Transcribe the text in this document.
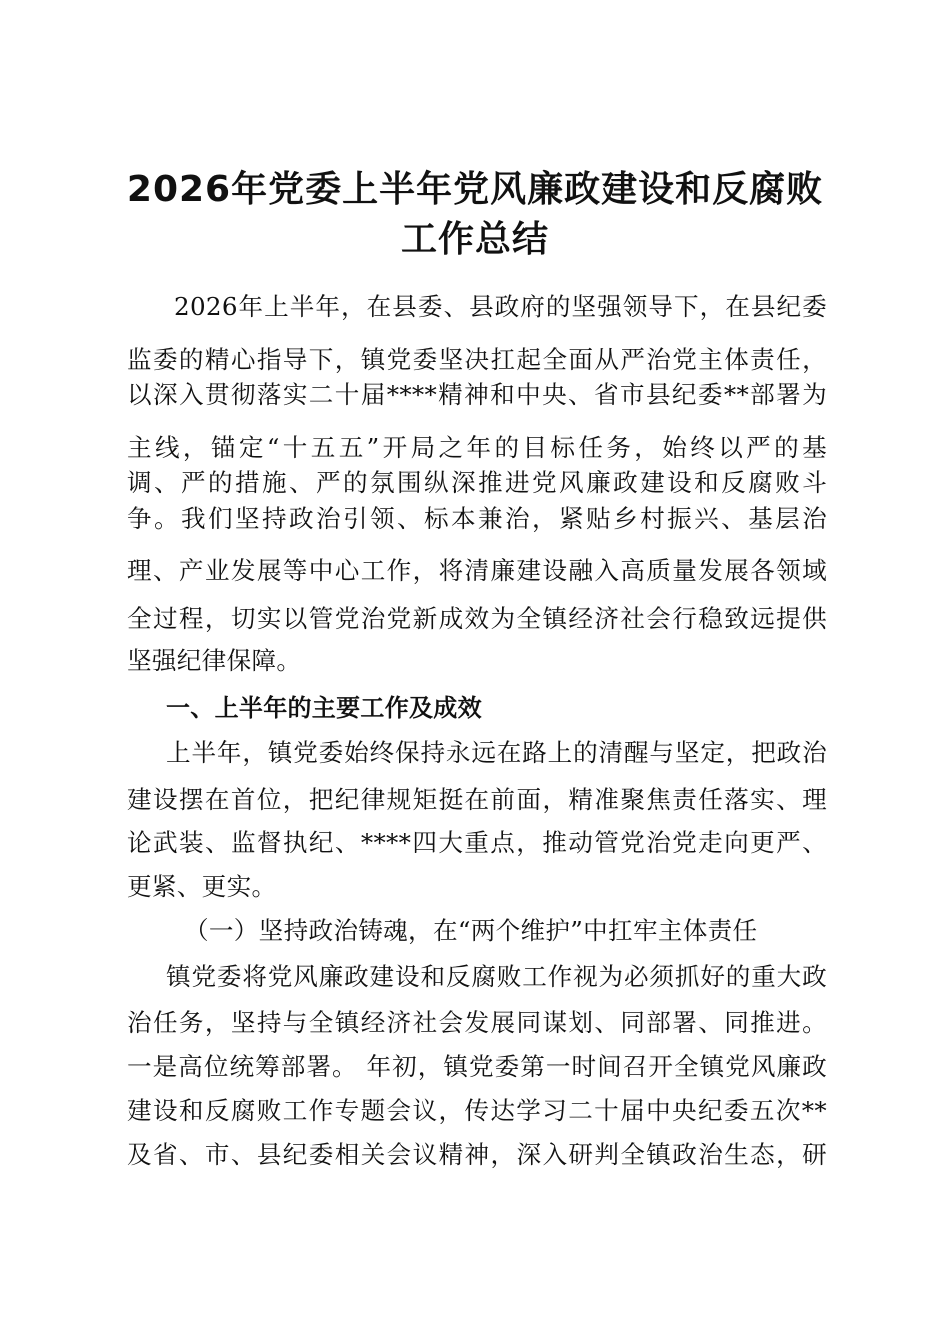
2026年党委上半年党风廉政建设和反腐败
工作总结
2026年上半年，在县委、县政府的坚强领导下，在县纪委
监委的精心指导下，镇党委坚决扛起全面从严治党主体责任，
以深入贯彻落实二十届****精神和中央、省市县纪委**部署为
主线，锚定“十五五”开局之年的目标任务，始终以严的基
调、严的措施、严的氛围纵深推进党风廉政建设和反腐败斗
争。我们坚持政治引领、标本兼治，紧贴乡村振兴、基层治
理、产业发展等中心工作，将清廉建设融入高质量发展各领域
全过程，切实以管党治党新成效为全镇经济社会行稳致远提供
坚强纪律保障。
一、上半年的主要工作及成效
上半年，镇党委始终保持永远在路上的清醒与坚定，把政治
建设摆在首位，把纪律规矩挺在前面，精准聚焦责任落实、理
论武装、监督执纪、****四大重点，推动管党治党走向更严、
更紧、更实。
（一）坚持政治铸魂，在“两个维护”中扛牢主体责任
镇党委将党风廉政建设和反腐败工作视为必须抓好的重大政
治任务，坚持与全镇经济社会发展同谋划、同部署、同推进。
一是高位统筹部署。 年初，镇党委第一时间召开全镇党风廉政
建设和反腐败工作专题会议，传达学习二十届中央纪委五次**
及省、市、县纪委相关会议精神，深入研判全镇政治生态，研
